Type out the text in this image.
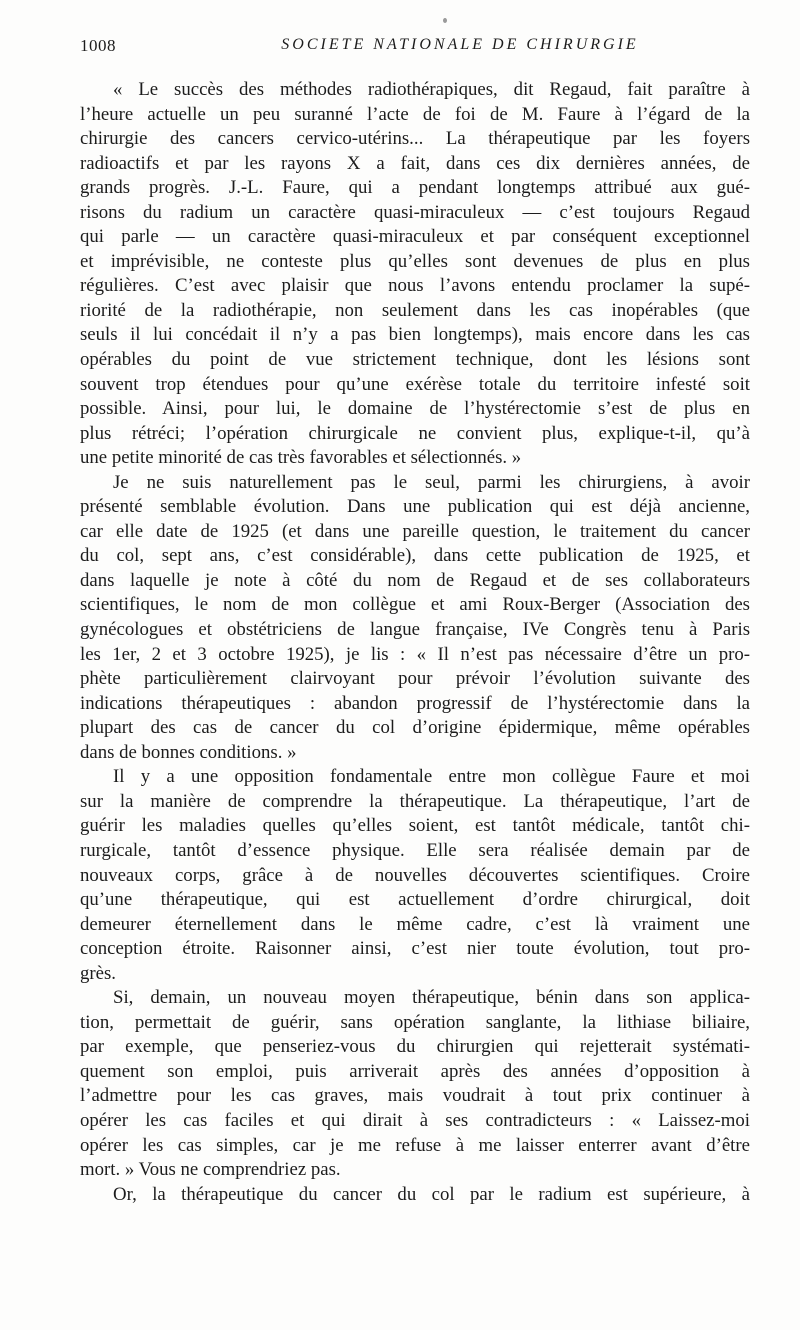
1008	SOCIETE NATIONALE DE CHIRURGIE
« Le succès des méthodes radiothérapiques, dit Regaud, fait paraître à
l’heure actuelle un peu suranné l’acte de foi de M. Faure à l’égard de la
chirurgie des cancers cervico-utérins... La thérapeutique par les foyers
radioactifs et par les rayons X a fait, dans ces dix dernières années, de
grands progrès. J.-L. Faure, qui a pendant longtemps attribué aux gué-
risons du radium un caractère quasi-miraculeux — c’est toujours Regaud
qui parle — un caractère quasi-miraculeux et par conséquent exceptionnel
et imprévisible, ne conteste plus qu’elles sont devenues de plus en plus
régulières. C’est avec plaisir que nous l’avons entendu proclamer la supé-
riorité de la radiothérapie, non seulement dans les cas inopérables (que
seuls il lui concédait il n’y a pas bien longtemps), mais encore dans les cas
opérables du point de vue strictement technique, dont les lésions sont
souvent trop étendues pour qu’une exérèse totale du territoire infesté soit
possible. Ainsi, pour lui, le domaine de l’hystérectomie s’est de plus en
plus rétréci; l’opération chirurgicale ne convient plus, explique-t-il, qu’à
une petite minorité de cas très favorables et sélectionnés. »
Je ne suis naturellement pas le seul, parmi les chirurgiens, à avoir
présenté semblable évolution. Dans une publication qui est déjà ancienne,
car elle date de 1925 (et dans une pareille question, le traitement du cancer
du col, sept ans, c’est considérable), dans cette publication de 1925, et
dans laquelle je note à côté du nom de Regaud et de ses collaborateurs
scientifiques, le nom de mon collègue et ami Roux-Berger (Association des
gynécologues et obstétriciens de langue française, IVe Congrès tenu à Paris
les 1er, 2 et 3 octobre 1925), je lis : « Il n’est pas nécessaire d’être un pro-
phète particulièrement clairvoyant pour prévoir l’évolution suivante des
indications thérapeutiques : abandon progressif de l’hystérectomie dans la
plupart des cas de cancer du col d’origine épidermique, même opérables
dans de bonnes conditions. »
Il y a une opposition fondamentale entre mon collègue Faure et moi
sur la manière de comprendre la thérapeutique. La thérapeutique, l’art de
guérir les maladies quelles qu’elles soient, est tantôt médicale, tantôt chi-
rurgicale, tantôt d’essence physique. Elle sera réalisée demain par de
nouveaux corps, grâce à de nouvelles découvertes scientifiques. Croire
qu’une thérapeutique, qui est actuellement d’ordre chirurgical, doit
demeurer éternellement dans le même cadre, c’est là vraiment une
conception étroite. Raisonner ainsi, c’est nier toute évolution, tout pro-
grès.
Si, demain, un nouveau moyen thérapeutique, bénin dans son applica-
tion, permettait de guérir, sans opération sanglante, la lithiase biliaire,
par exemple, que penseriez-vous du chirurgien qui rejetterait systémati-
quement son emploi, puis arriverait après des années d’opposition à
l’admettre pour les cas graves, mais voudrait à tout prix continuer à
opérer les cas faciles et qui dirait à ses contradicteurs : « Laissez-moi
opérer les cas simples, car je me refuse à me laisser enterrer avant d’être
mort. » Vous ne comprendriez pas.
Or, la thérapeutique du cancer du col par le radium est supérieure, à
